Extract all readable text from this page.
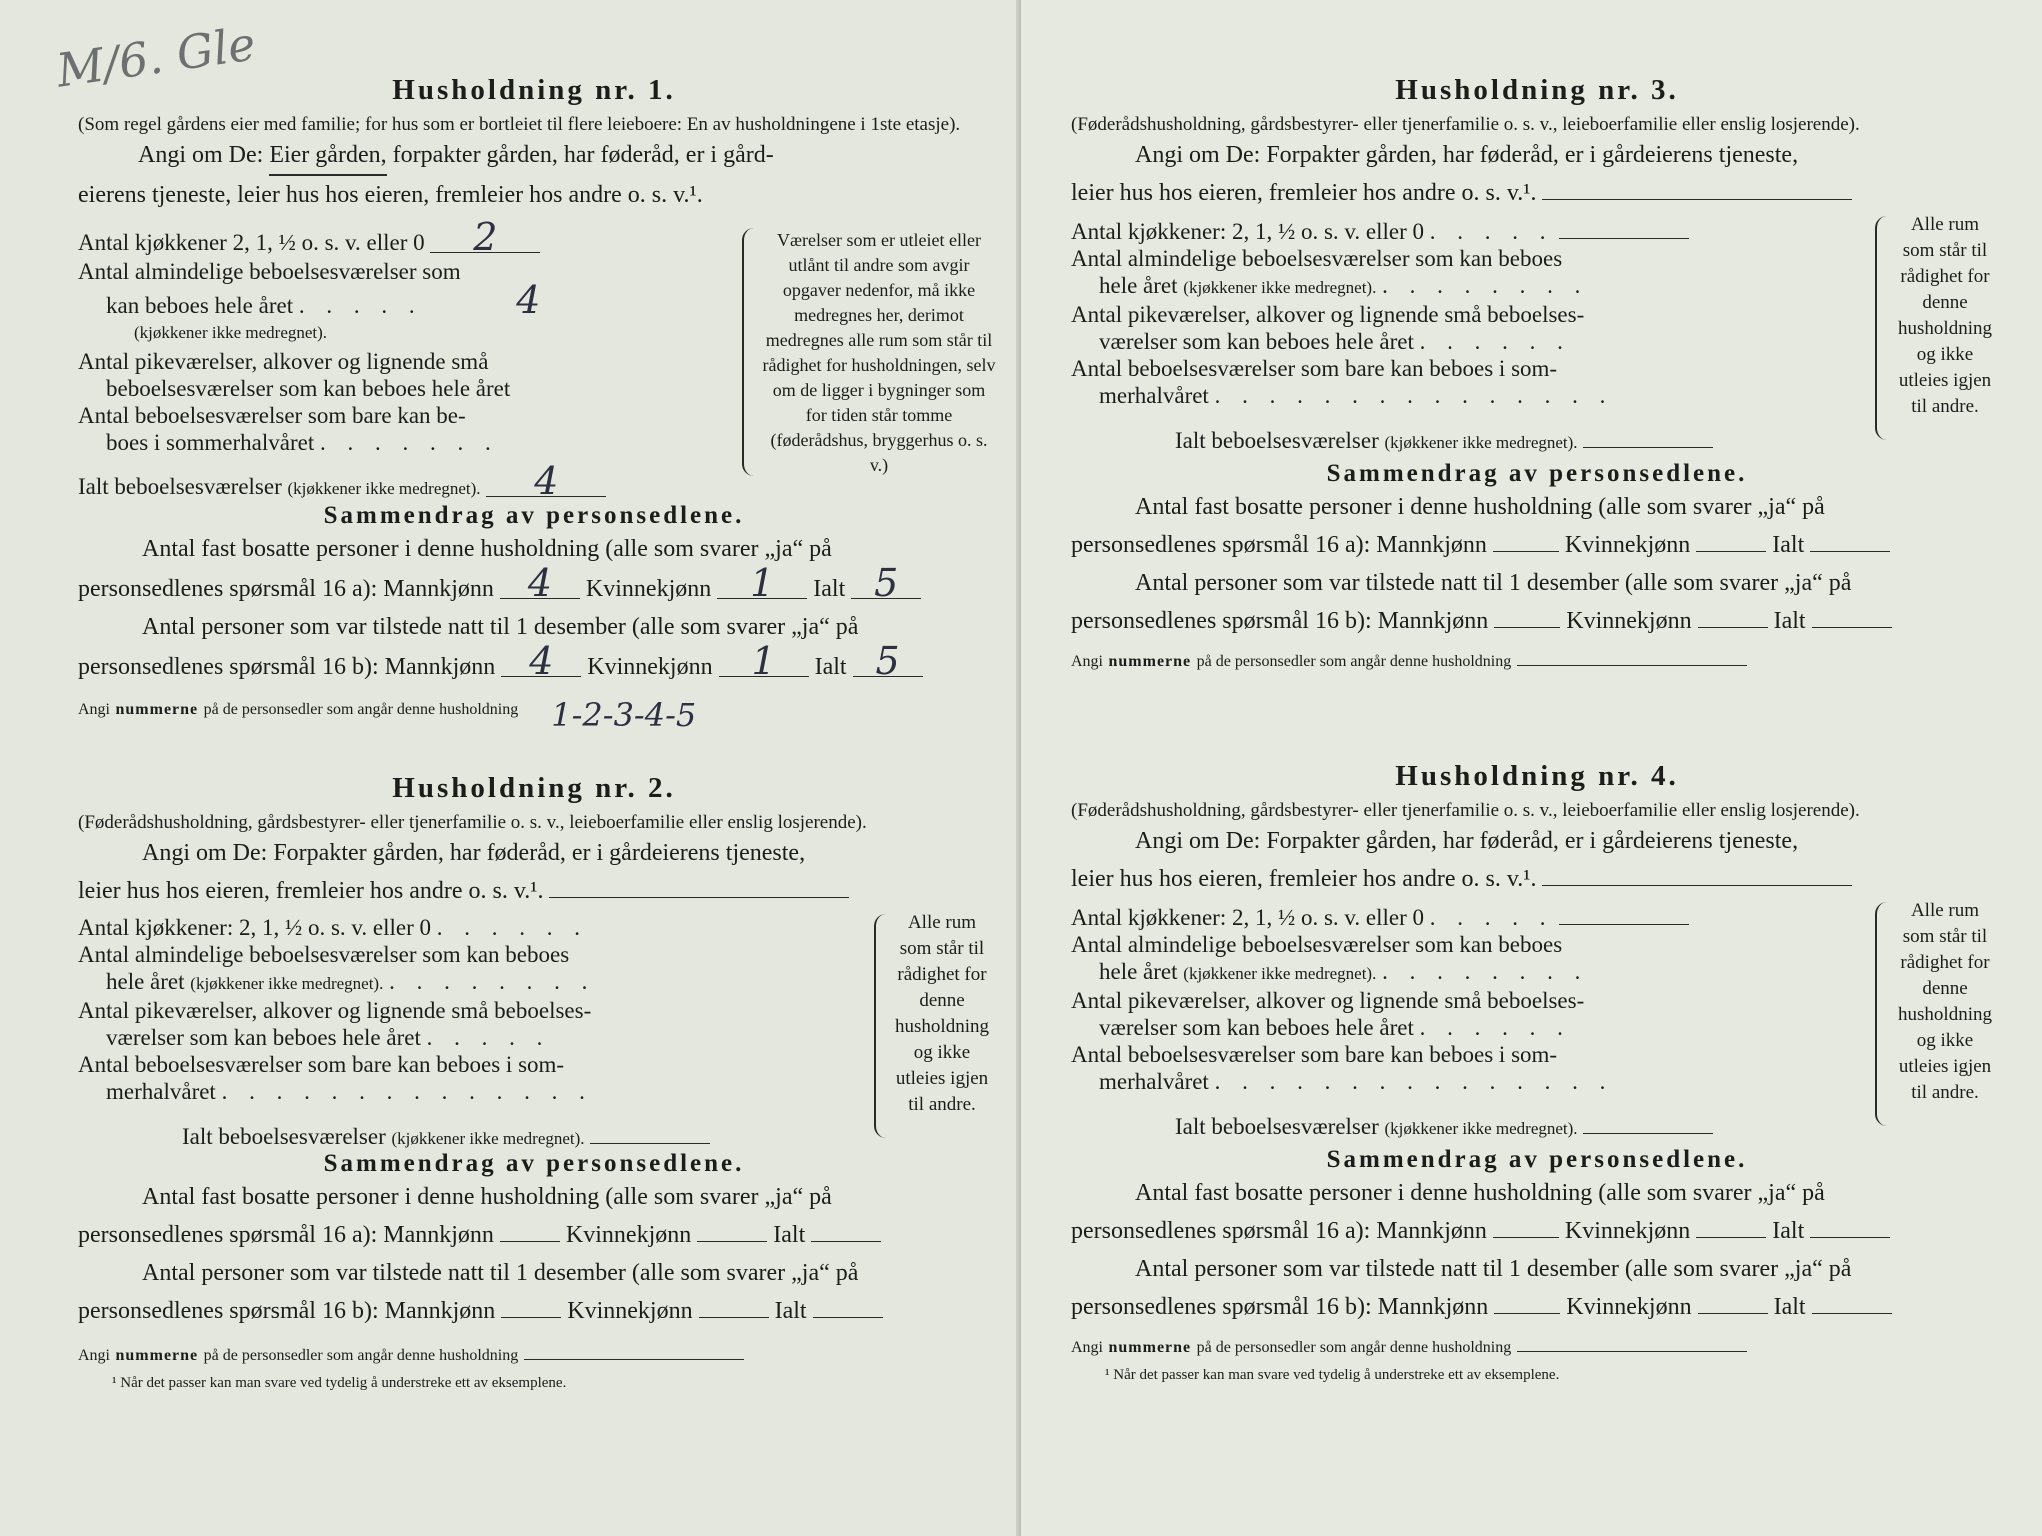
M/6. Gle	Husholdning nr. 1.
(Som regel gårdens eier med familie; for hus som er bortleiet til flere leieboere: En av husholdningene i 1ste etasje).
Angi om De: Eier gården, forpakter gården, har føderåd, er i gård-
eierens tjeneste, leier hus hos eieren, fremleier hos andre o. s. v.¹.
Antal kjøkkener 2, 1, ½ o. s. v. eller 0 2
Antal almindelige beboelsesværelser som
kan beboes hele året . . . . . 4
(kjøkkener ikke medregnet).
Antal pikeværelser, alkover og lignende små
beboelsesværelser som kan beboes hele året
Antal beboelsesværelser som bare kan be-
boes i sommerhalvåret . . . . . . .
Ialt beboelsesværelser (kjøkkener ikke medregnet). 4
Værelser som er utleiet eller utlånt til andre som avgir opgaver nedenfor, må ikke medregnes her, derimot medregnes alle rum som står til rådighet for husholdningen, selv om de ligger i bygninger som for tiden står tomme (føderådshus, bryggerhus o. s. v.)
Sammendrag av personsedlene.
Antal fast bosatte personer i denne husholdning (alle som svarer „ja“ på
personsedlenes spørsmål 16 a): Mannkjønn 4 Kvinnekjønn 1 Ialt 5
Antal personer som var tilstede natt til 1 desember (alle som svarer „ja“ på
personsedlenes spørsmål 16 b): Mannkjønn 4 Kvinnekjønn 1 Ialt 5
Angi nummerne på de personsedler som angår denne husholdning 1-2-3-4-5
Husholdning nr. 2.
(Føderådshusholdning, gårdsbestyrer- eller tjenerfamilie o. s. v., leieboerfamilie eller enslig losjerende).
Angi om De: Forpakter gården, har føderåd, er i gårdeierens tjeneste,
leier hus hos eieren, fremleier hos andre o. s. v.¹.
Antal kjøkkener: 2, 1, ½ o. s. v. eller 0 . . . . . .
Antal almindelige beboelsesværelser som kan beboes
hele året (kjøkkener ikke medregnet). . . . . . . . .
Antal pikeværelser, alkover og lignende små beboelses-
værelser som kan beboes hele året . . . . .
Antal beboelsesværelser som bare kan beboes i som-
merhalvåret . . . . . . . . . . . . . .
Ialt beboelsesværelser (kjøkkener ikke medregnet).
Alle rum som står til rådighet for denne husholdning og ikke utleies igjen til andre.
Sammendrag av personsedlene.
Antal fast bosatte personer i denne husholdning (alle som svarer „ja“ på
personsedlenes spørsmål 16 a): Mannkjønn	Kvinnekjønn	Ialt
Antal personer som var tilstede natt til 1 desember (alle som svarer „ja“ på
personsedlenes spørsmål 16 b): Mannkjønn	Kvinnekjønn	Ialt
Angi nummerne på de personsedler som angår denne husholdning
¹ Når det passer kan man svare ved tydelig å understreke ett av eksemplene.
Husholdning nr. 3.
(Føderådshusholdning, gårdsbestyrer- eller tjenerfamilie o. s. v., leieboerfamilie eller enslig losjerende).
Angi om De: Forpakter gården, har føderåd, er i gårdeierens tjeneste,
leier hus hos eieren, fremleier hos andre o. s. v.¹.
Antal kjøkkener: 2, 1, ½ o. s. v. eller 0 . . . . .
Antal almindelige beboelsesværelser som kan beboes
hele året (kjøkkener ikke medregnet). . . . . . . . .
Antal pikeværelser, alkover og lignende små beboelses-
værelser som kan beboes hele året . . . . . .
Antal beboelsesværelser som bare kan beboes i som-
merhalvåret . . . . . . . . . . . . . . .
Ialt beboelsesværelser (kjøkkener ikke medregnet).
Alle rum som står til rådighet for denne husholdning og ikke utleies igjen til andre.
Sammendrag av personsedlene.
Antal fast bosatte personer i denne husholdning (alle som svarer „ja“ på
personsedlenes spørsmål 16 a): Mannkjønn	Kvinnekjønn	Ialt
Antal personer som var tilstede natt til 1 desember (alle som svarer „ja“ på
personsedlenes spørsmål 16 b): Mannkjønn	Kvinnekjønn	Ialt
Angi nummerne på de personsedler som angår denne husholdning
Husholdning nr. 4.
(Føderådshusholdning, gårdsbestyrer- eller tjenerfamilie o. s. v., leieboerfamilie eller enslig losjerende).
Angi om De: Forpakter gården, har føderåd, er i gårdeierens tjeneste,
leier hus hos eieren, fremleier hos andre o. s. v.¹.
Antal kjøkkener: 2, 1, ½ o. s. v. eller 0 . . . . .
Antal almindelige beboelsesværelser som kan beboes
hele året (kjøkkener ikke medregnet). . . . . . . . .
Antal pikeværelser, alkover og lignende små beboelses-
værelser som kan beboes hele året . . . . . .
Antal beboelsesværelser som bare kan beboes i som-
merhalvåret . . . . . . . . . . . . . . .
Ialt beboelsesværelser (kjøkkener ikke medregnet).
Alle rum som står til rådighet for denne husholdning og ikke utleies igjen til andre.
Sammendrag av personsedlene.
Antal fast bosatte personer i denne husholdning (alle som svarer „ja“ på
personsedlenes spørsmål 16 a): Mannkjønn	Kvinnekjønn	Ialt
Antal personer som var tilstede natt til 1 desember (alle som svarer „ja“ på
personsedlenes spørsmål 16 b): Mannkjønn	Kvinnekjønn	Ialt
Angi nummerne på de personsedler som angår denne husholdning
¹ Når det passer kan man svare ved tydelig å understreke ett av eksemplene.
